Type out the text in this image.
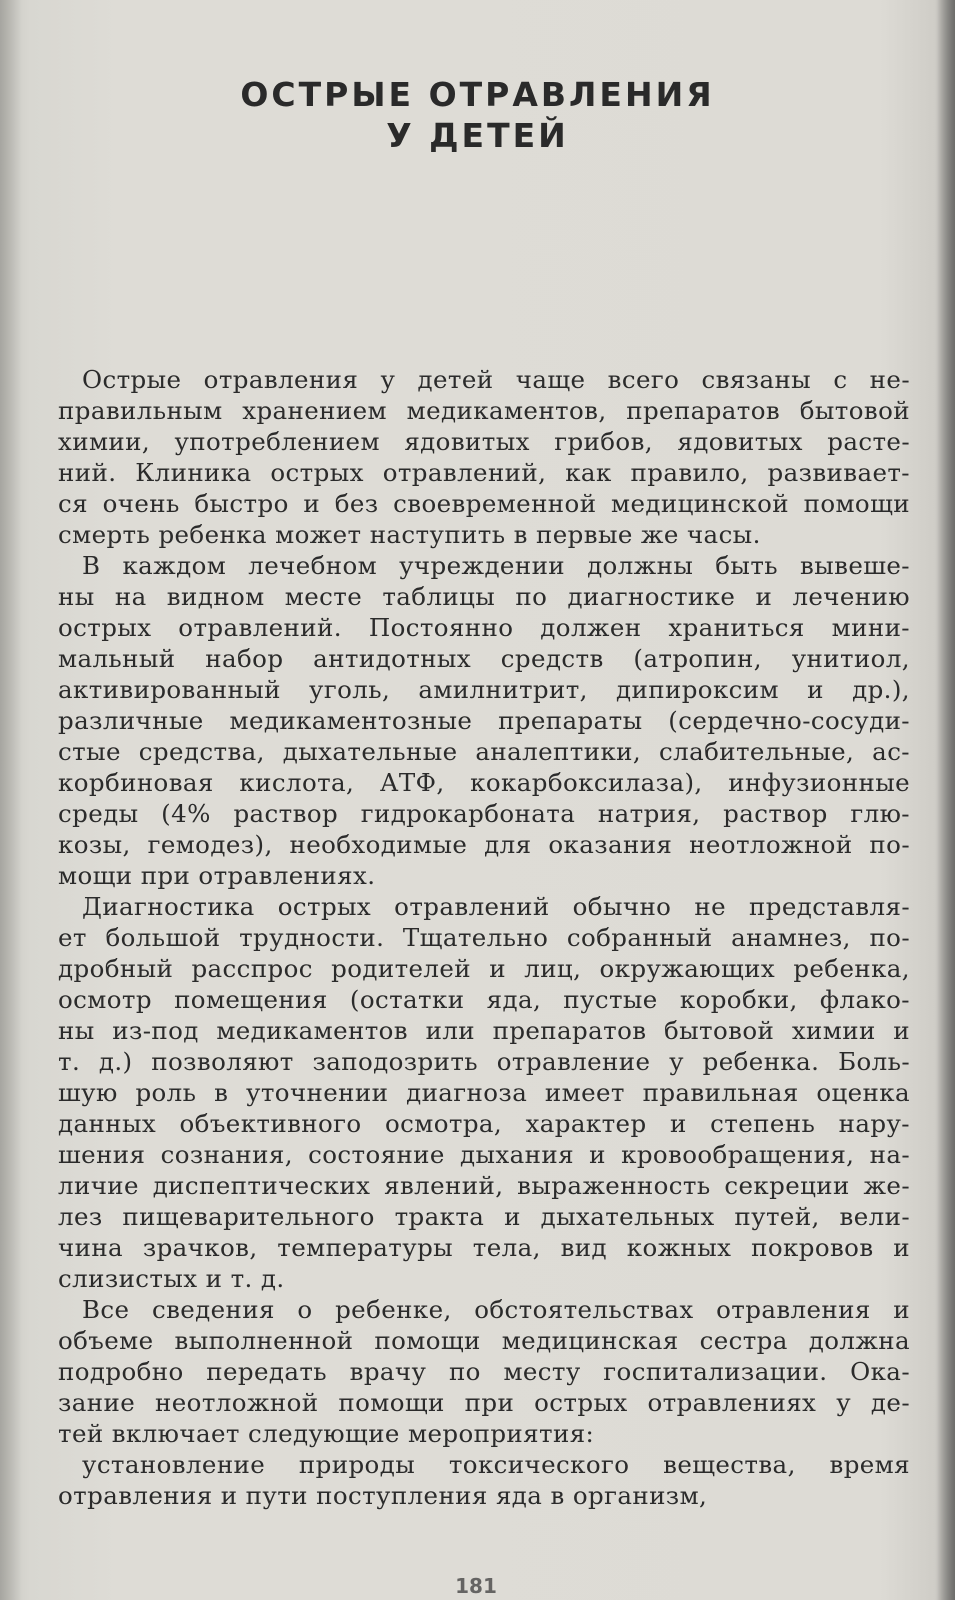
ОСТРЫЕ ОТРАВЛЕНИЯ
У ДЕТЕЙ
Острые отравления у детей чаще всего связаны с не-
правильным хранением медикаментов, препаратов бытовой
химии, употреблением ядовитых грибов, ядовитых расте-
ний. Клиника острых отравлений, как правило, развивает-
ся очень быстро и без своевременной медицинской помощи
смерть ребенка может наступить в первые же часы.
В каждом лечебном учреждении должны быть вывеше-
ны на видном месте таблицы по диагностике и лечению
острых отравлений. Постоянно должен храниться мини-
мальный набор антидотных средств (атропин, унитиол,
активированный уголь, амилнитрит, дипироксим и др.),
различные медикаментозные препараты (сердечно-сосуди-
стые средства, дыхательные аналептики, слабительные, ас-
корбиновая кислота, АТФ, кокарбоксилаза), инфузионные
среды (4% раствор гидрокарбоната натрия, раствор глю-
козы, гемодез), необходимые для оказания неотложной по-
мощи при отравлениях.
Диагностика острых отравлений обычно не представля-
ет большой трудности. Тщательно собранный анамнез, по-
дробный расспрос родителей и лиц, окружающих ребенка,
осмотр помещения (остатки яда, пустые коробки, флако-
ны из-под медикаментов или препаратов бытовой химии и
т. д.) позволяют заподозрить отравление у ребенка. Боль-
шую роль в уточнении диагноза имеет правильная оценка
данных объективного осмотра, характер и степень нару-
шения сознания, состояние дыхания и кровообращения, на-
личие диспептических явлений, выраженность секреции же-
лез пищеварительного тракта и дыхательных путей, вели-
чина зрачков, температуры тела, вид кожных покровов и
слизистых и т. д.
Все сведения о ребенке, обстоятельствах отравления и
объеме выполненной помощи медицинская сестра должна
подробно передать врачу по месту госпитализации. Ока-
зание неотложной помощи при острых отравлениях у де-
тей включает следующие мероприятия:
установление природы токсического вещества, время
отравления и пути поступления яда в организм,
181
